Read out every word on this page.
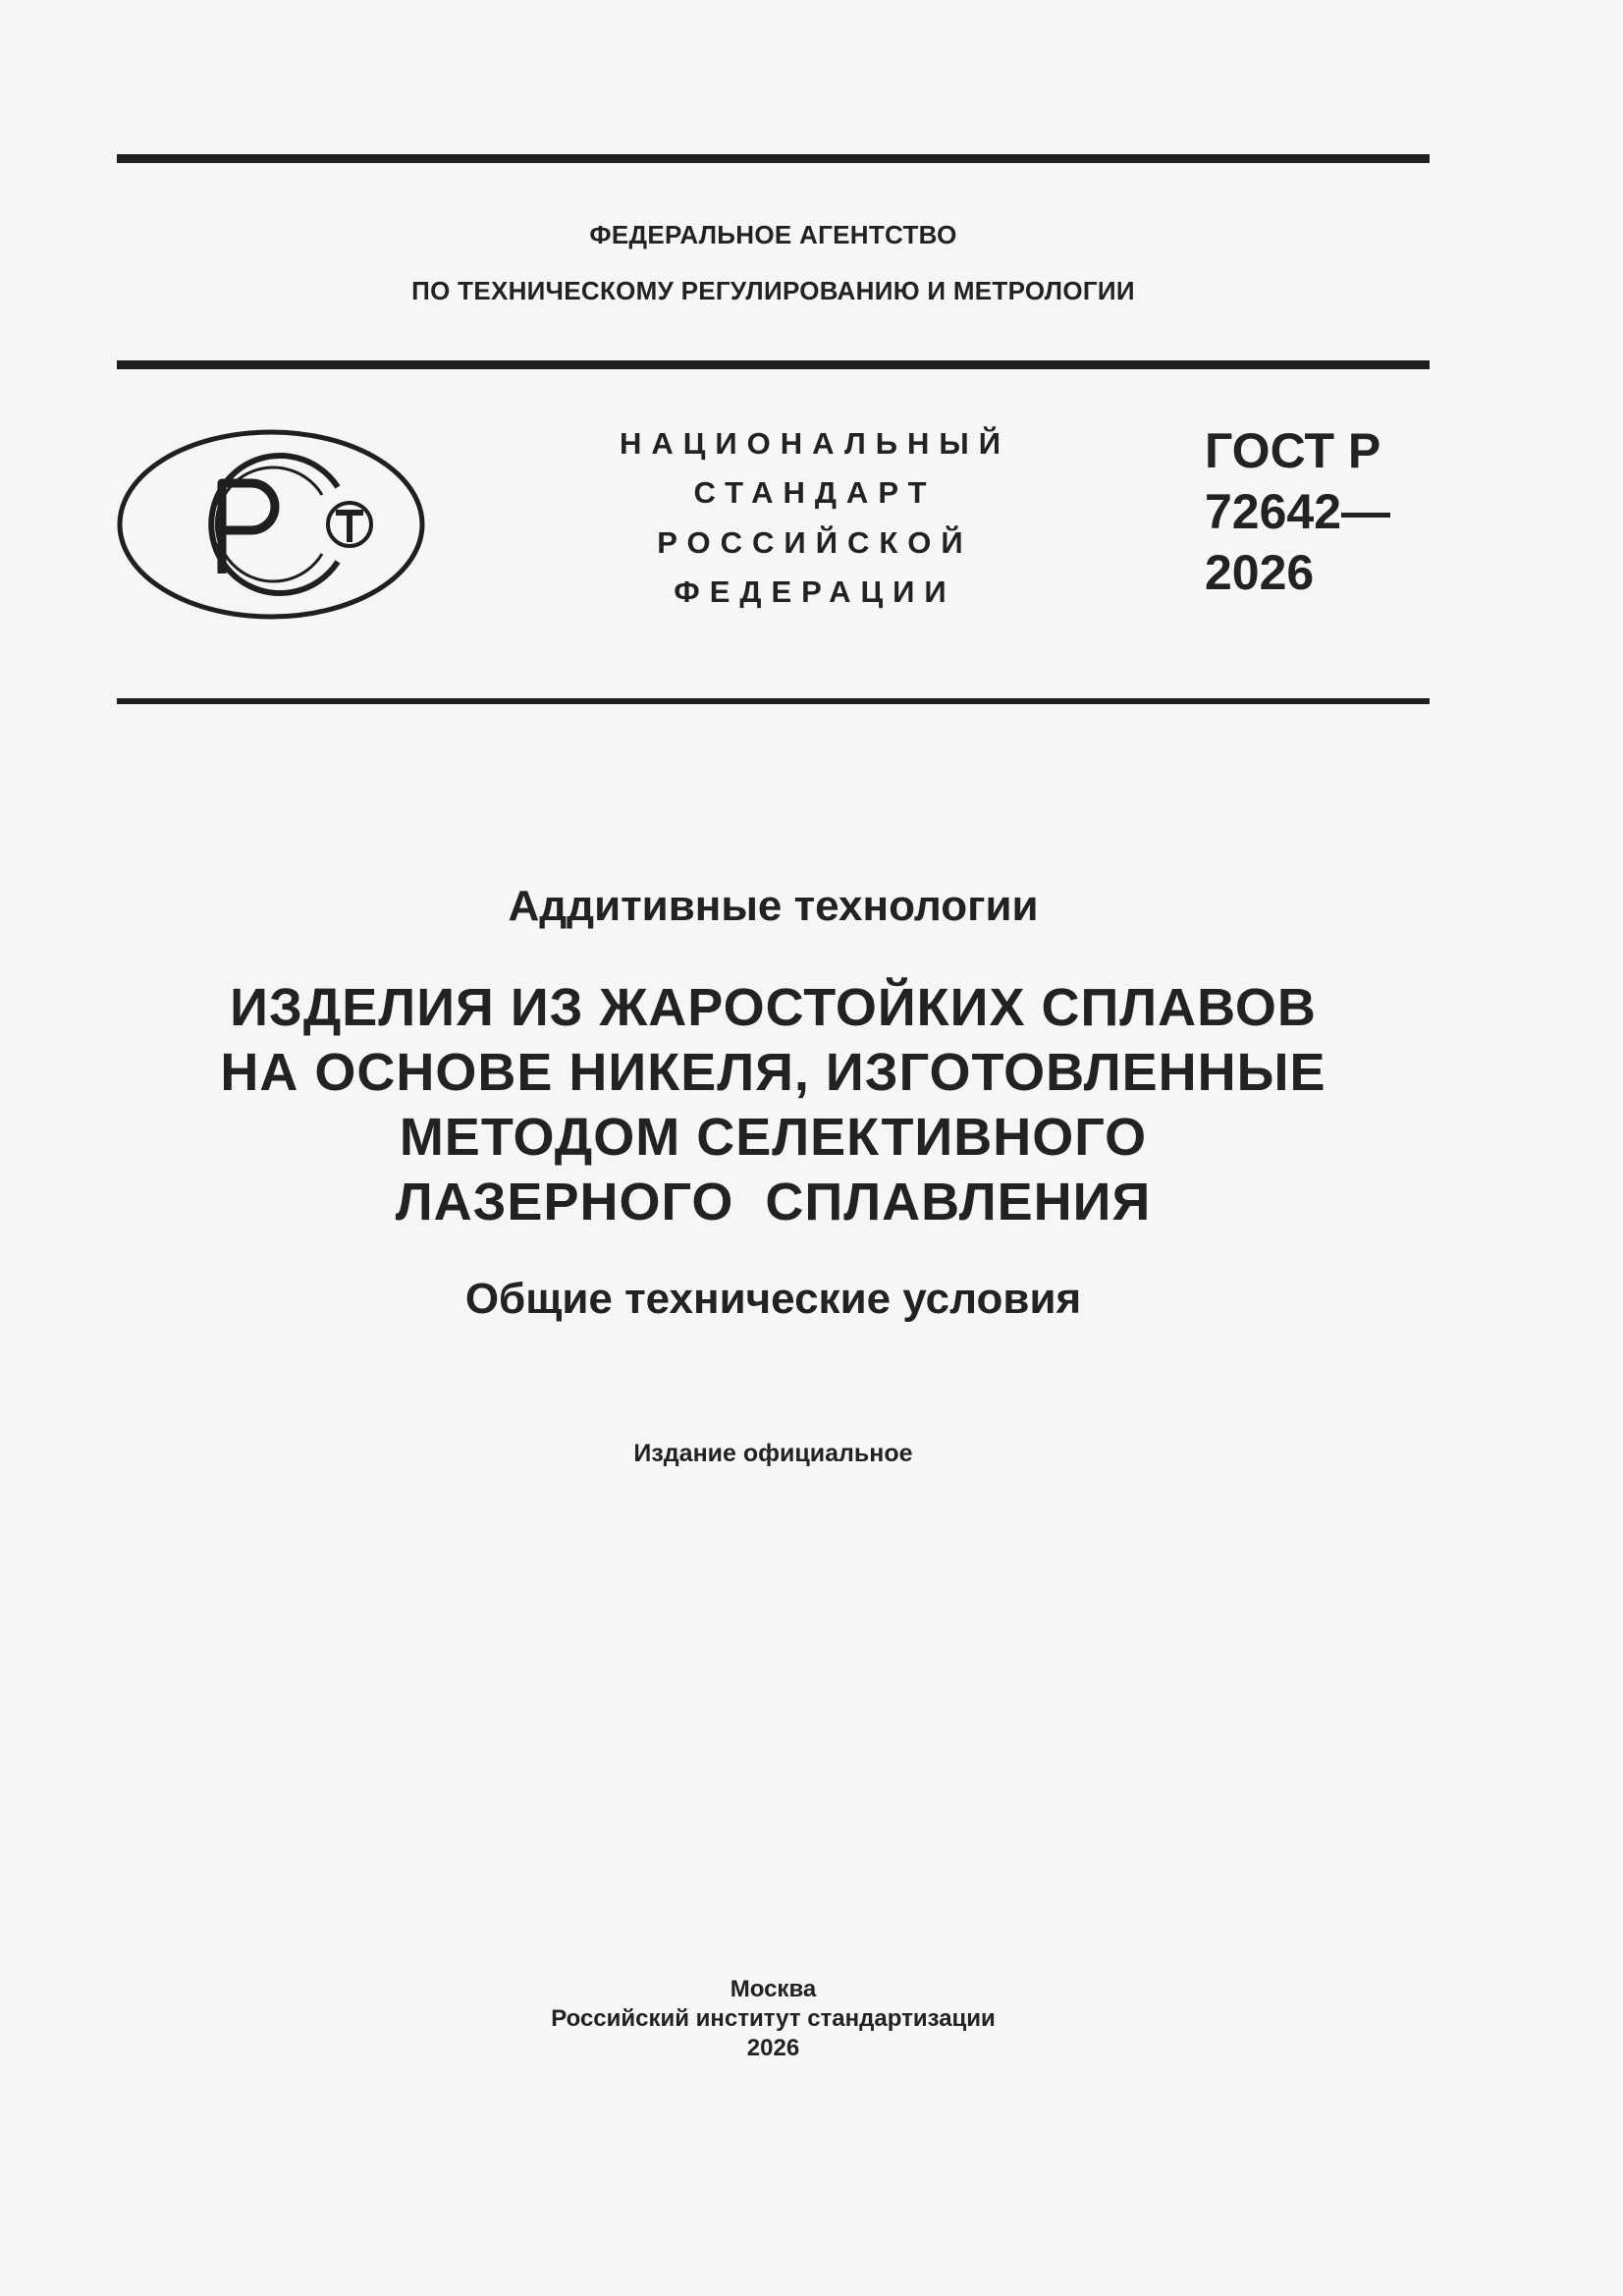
ФЕДЕРАЛЬНОЕ АГЕНТСТВО
ПО ТЕХНИЧЕСКОМУ РЕГУЛИРОВАНИЮ И МЕТРОЛОГИИ
НАЦИОНАЛЬНЫЙ
СТАНДАРТ
РОССИЙСКОЙ
ФЕДЕРАЦИИ
ГОСТ Р
72642—
2026
Аддитивные технологии
ИЗДЕЛИЯ ИЗ ЖАРОСТОЙКИХ СПЛАВОВ
НА ОСНОВЕ НИКЕЛЯ, ИЗГОТОВЛЕННЫЕ
МЕТОДОМ СЕЛЕКТИВНОГО
ЛАЗЕРНОГО  СПЛАВЛЕНИЯ
Общие технические условия
Издание официальное
Москва
Российский институт стандартизации
2026
